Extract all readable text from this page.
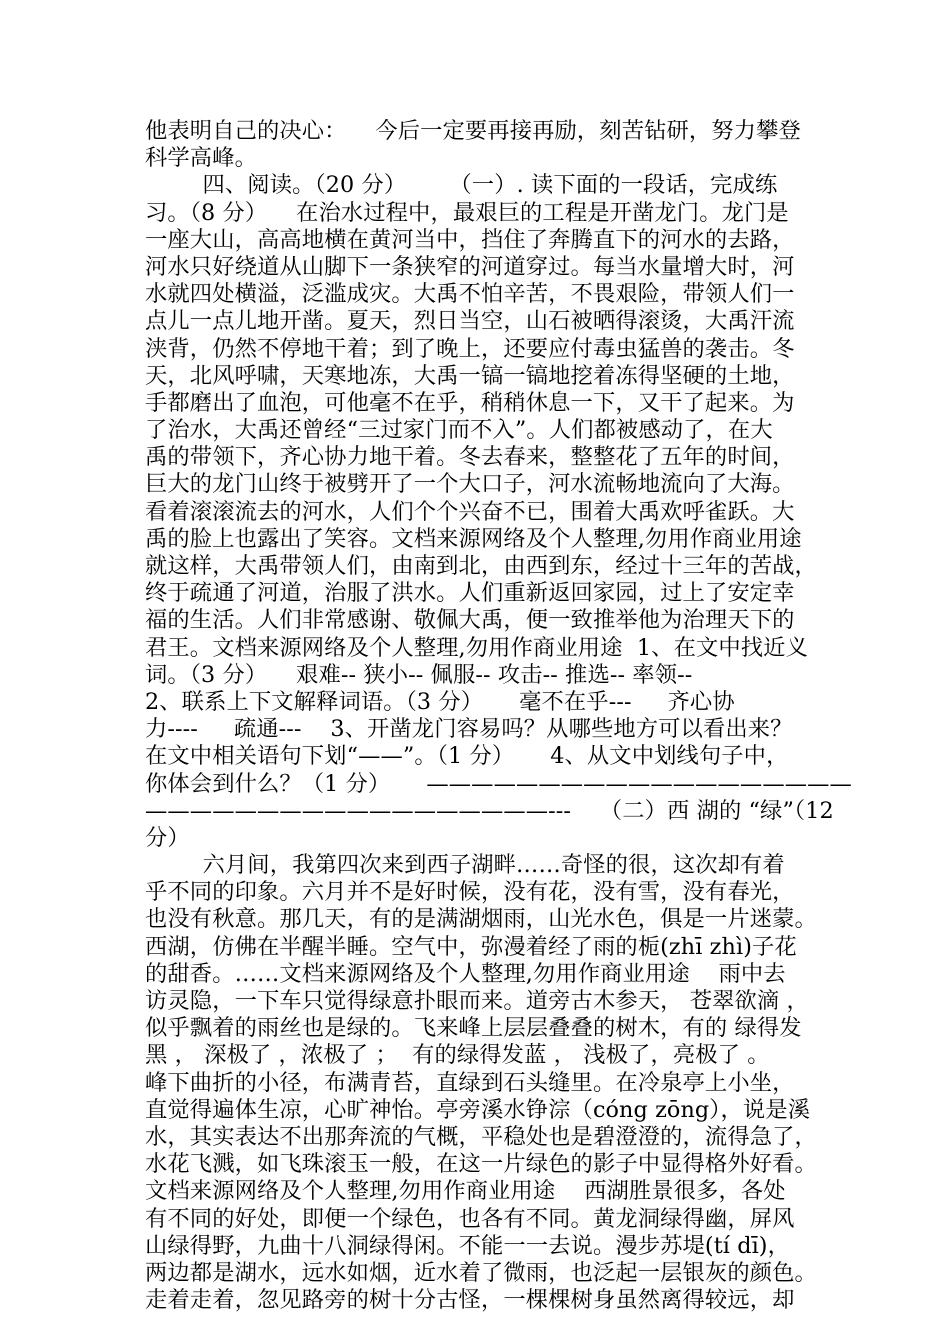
他表明自己的决心：    今后一定要再接再励，刻苦钻研，努力攀登
科学高峰。
四、阅读。（20 分）      （一）. 读下面的一段话，完成练
习。（8 分）    在治水过程中，最艰巨的工程是开凿龙门。龙门是
一座大山，高高地横在黄河当中，挡住了奔腾直下的河水的去路，
河水只好绕道从山脚下一条狭窄的河道穿过。每当水量增大时，河
水就四处横溢，泛滥成灾。大禹不怕辛苦，不畏艰险，带领人们一
点儿一点儿地开凿。夏天，烈日当空，山石被晒得滚烫，大禹汗流
浃背，仍然不停地干着；到了晚上，还要应付毒虫猛兽的袭击。冬
天，北风呼啸，天寒地冻，大禹一镐一镐地挖着冻得坚硬的土地，
手都磨出了血泡，可他毫不在乎，稍稍休息一下，又干了起来。为
了治水，大禹还曾经“三过家门而不入”。人们都被感动了，在大
禹的带领下，齐心协力地干着。冬去春来，整整花了五年的时间，
巨大的龙门山终于被劈开了一个大口子，河水流畅地流向了大海。
看着滚滚流去的河水，人们个个兴奋不已，围着大禹欢呼雀跃。大
禹的脸上也露出了笑容。文档来源网络及个人整理,勿用作商业用途
就这样，大禹带领人们，由南到北，由西到东，经过十三年的苦战，
终于疏通了河道，治服了洪水。人们重新返回家园，过上了安定幸
福的生活。人们非常感谢、敬佩大禹，便一致推举他为治理天下的
君王。文档来源网络及个人整理,勿用作商业用途  1、在文中找近义
词。（3 分）    艰难-- 狭小-- 佩服-- 攻击-- 推选-- 率领--
2、联系上下文解释词语。（3 分）     毫不在乎---     齐心协
力----     疏通---    3、开凿龙门容易吗？从哪些地方可以看出来？
在文中相关语句下划“——”。（1 分）     4、从文中划线句子中，
你体会到什么？（1 分）     ———————————————————
——————————————————---    （二）西 湖的 “绿”（12
分）
六月间，我第四次来到西子湖畔……奇怪的很，这次却有着
乎不同的印象。六月并不是好时候，没有花，没有雪，没有春光，
也没有秋意。那几天，有的是满湖烟雨，山光水色，俱是一片迷蒙。
西湖，仿佛在半醒半睡。空气中，弥漫着经了雨的栀(zhī zhì)子花
的甜香。……文档来源网络及个人整理,勿用作商业用途    雨中去
访灵隐，一下车只觉得绿意扑眼而来。道旁古木参天， 苍翠欲滴 ，
似乎飘着的雨丝也是绿的。飞来峰上层层叠叠的树木，有的 绿得发
黑 ， 深极了 ，浓极了 ；  有的绿得发蓝 ， 浅极了，亮极了 。
峰下曲折的小径，布满青苔，直绿到石头缝里。在冷泉亭上小坐，
直觉得遍体生凉，心旷神怡。亭旁溪水铮淙（cóng zōng），说是溪
水，其实表达不出那奔流的气概，平稳处也是碧澄澄的，流得急了，
水花飞溅，如飞珠滚玉一般，在这一片绿色的影子中显得格外好看。
文档来源网络及个人整理,勿用作商业用途    西湖胜景很多，各处
有不同的好处，即便一个绿色，也各有不同。黄龙洞绿得幽，屏风
山绿得野，九曲十八洞绿得闲。不能一一去说。漫步苏堤(tí dī)，
两边都是湖水，远水如烟，近水着了微雨，也泛起一层银灰的颜色。
走着走着，忽见路旁的树十分古怪，一棵棵树身虽然离得较远，却
